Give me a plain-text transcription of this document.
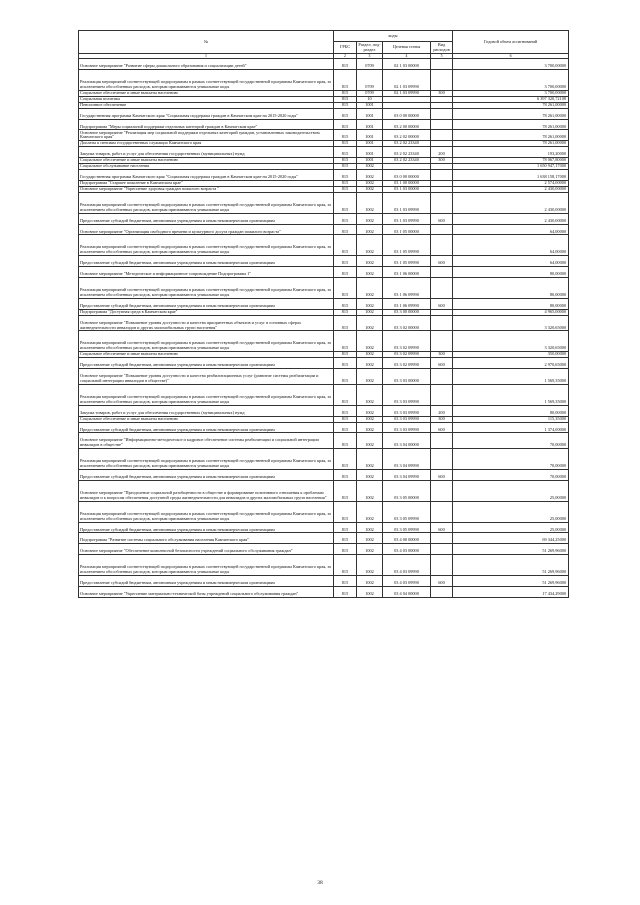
№	коды				Годовой объем ассигнований
	ГРБС	Раздел, под-раздел	Целевая статья	Вид расходов	
1	2	3	4	5	6
Основное мероприятие "Развитие сферы дошкольного образования и социализации детей"	815	0709	02 1 03 00000		3 700,00000
Реализация мероприятий соответствующей подпрограммы в рамках соответствующей государственной программы Камчатского края, за исключением обособленных расходов, которым присваиваются уникальные коды	815	0709	02 1 03 09990		3 700,00000
Социальное обеспечение и иные выплаты населению	815	0709	02 1 03 09990	300	3 700,00000
Социальная политика	815	10			6 397 320,72108
Пенсионное обеспечение	815	1001			78 261,00000
Государственная программа Камчатского края "Социальная поддержка граждан в Камчатском крае на 2015-2020 годы"	815	1001	03 0 00 00000		78 261,00000
Подпрограмма "Меры социальной поддержки отдельных категорий граждан в Камчатском крае"	815	1001	03 2 00 00000		78 261,00000
Основное мероприятие "Реализация мер социальной поддержки отдельных категорий граждан, установленных законодательством Камчатского края"	815	1001	03 2 02 00000		78 261,00000
Доплаты к пенсиям государственных служащих Камчатского края	815	1001	03 2 02 23340		78 261,00000
Закупка товаров, работ и услуг для обеспечения государственных (муниципальных) нужд	815	1001	03 2 02 23340	200	193,20000
Социальное обеспечение и иные выплаты населению	815	1001	03 2 02 23340	300	78 067,80000
Социальное обслуживание населения	815	1002			1 650 947,17000
Государственная программа Камчатского края "Социальная поддержка граждан в Камчатском крае на 2015-2020 годы"	815	1002	03 0 00 00000		1 638 158,17000
Подпрограмма "Старшее поколение в Камчатском крае"	815	1002	03 1 00 00000		2 574,00000
Основное мероприятие "Укрепление здоровья граждан пожилого возраста "	815	1002	03 1 03 00000		2 430,00000
Реализация мероприятий соответствующей подпрограммы в рамках соответствующей государственной программы Камчатского края, за исключением обособленных расходов, которым присваиваются уникальные коды	815	1002	03 1 03 09990		2 430,00000
Предоставление субсидий бюджетным, автономным учреждениям и иным некоммерческим организациям	815	1002	03 1 03 09990	600	2 430,00000
Основное мероприятие "Организация свободного времени и культурного досуга граждан пожилого возраста"	815	1002	03 1 05 00000		64,00000
Реализация мероприятий соответствующей подпрограммы в рамках соответствующей государственной программы Камчатского края, за исключением обособленных расходов, которым присваиваются уникальные коды	815	1002	03 1 05 09990		64,00000
Предоставление субсидий бюджетным, автономным учреждениям и иным некоммерческим организациям	815	1002	03 1 05 09990	600	64,00000
Основное мероприятие "Методическое и информационное сопровождение Подпрограммы 1"	815	1002	03 1 06 00000		80,00000
Реализация мероприятий соответствующей подпрограммы в рамках соответствующей государственной программы Камчатского края, за исключением обособленных расходов, которым присваиваются уникальные коды	815	1002	03 1 06 09990		80,00000
Предоставление субсидий бюджетным, автономным учреждениям и иным некоммерческим организациям	815	1002	03 1 06 09990	600	80,00000
Подпрограмма "Доступная среда в Камчатском крае"	815	1002	03 3 00 00000		4 965,00000
Основное мероприятие "Повышение уровня доступности и качества приоритетных объектов и услуг в основных сферах жизнедеятельности инвалидов и других маломобильных групп населения"	815	1002	03 3 02 00000		3 320,65000
Реализация мероприятий соответствующей подпрограммы в рамках соответствующей государственной программы Камчатского края, за исключением обособленных расходов, которым присваиваются уникальные коды	815	1002	03 3 02 09990		3 320,65000
Социальное обеспечение и иные выплаты населению	815	1002	03 3 02 09990	300	350,00000
Предоставление субсидий бюджетным, автономным учреждениям и иным некоммерческим организациям	815	1002	03 3 02 09990	600	2 970,65000
Основное мероприятие "Повышение уровня доступности и качества реабилитационных услуг (развитие системы реабилитации и социальной интеграции инвалидов в обществе)"	815	1002	03 3 03 00000		1 569,35000
Реализация мероприятий соответствующей подпрограммы в рамках соответствующей государственной программы Камчатского края, за исключением обособленных расходов, которым присваиваются уникальные коды	815	1002	03 3 03 09990		1 569,35000
Закупка товаров, работ и услуг для обеспечения государственных (муниципальных) нужд	815	1002	03 3 03 09990	200	80,00000
Социальное обеспечение и иные выплаты населению	815	1002	03 3 03 09990	300	115,35000
Предоставление субсидий бюджетным, автономным учреждениям и иным некоммерческим организациям	815	1002	03 3 03 09990	600	1 374,00000
Основное мероприятие "Информационно-методическое и кадровое обеспечение системы реабилитации и социальной интеграции инвалидов в обществе"	815	1002	03 3 04 00000		70,00000
Реализация мероприятий соответствующей подпрограммы в рамках соответствующей государственной программы Камчатского края, за исключением обособленных расходов, которым присваиваются уникальные коды	815	1002	03 3 04 09990		70,00000
Предоставление субсидий бюджетным, автономным учреждениям и иным некоммерческим организациям	815	1002	03 3 04 09990	600	70,00000
Основное мероприятие "Преодоление социальной разобщенности в обществе и формирование позитивного отношения к проблемам инвалидов и к вопросам обеспечения доступной среды жизнедеятельности для инвалидов и других маломобильных групп населения"	815	1002	03 3 05 00000		25,00000
Реализация мероприятий соответствующей подпрограммы в рамках соответствующей государственной программы Камчатского края, за исключением обособленных расходов, которым присваиваются уникальные коды	815	1002	03 3 05 09990		25,00000
Предоставление субсидий бюджетным, автономным учреждениям и иным некоммерческим организациям	815	1002	03 3 05 09990	600	25,00000
Подпрограмма "Развитие системы социального обслуживания населения Камчатского края"	815	1002	03 4 00 00000		69 344,25000
Основное мероприятие "Обеспечение комплексной безопасности учреждений социального обслуживания граждан"	815	1002	03 4 03 00000		51 269,96000
Реализация мероприятий соответствующей подпрограммы в рамках соответствующей государственной программы Камчатского края, за исключением обособленных расходов, которым присваиваются уникальные коды	815	1002	03 4 03 09990		51 269,96000
Предоставление субсидий бюджетным, автономным учреждениям и иным некоммерческим организациям	815	1002	03 4 03 09990	600	51 269,96000
Основное мероприятие "Укрепление материально-технической базы учреждений социального обслуживания граждан"	815	1002	03 4 04 00000		17 434,29000
38
